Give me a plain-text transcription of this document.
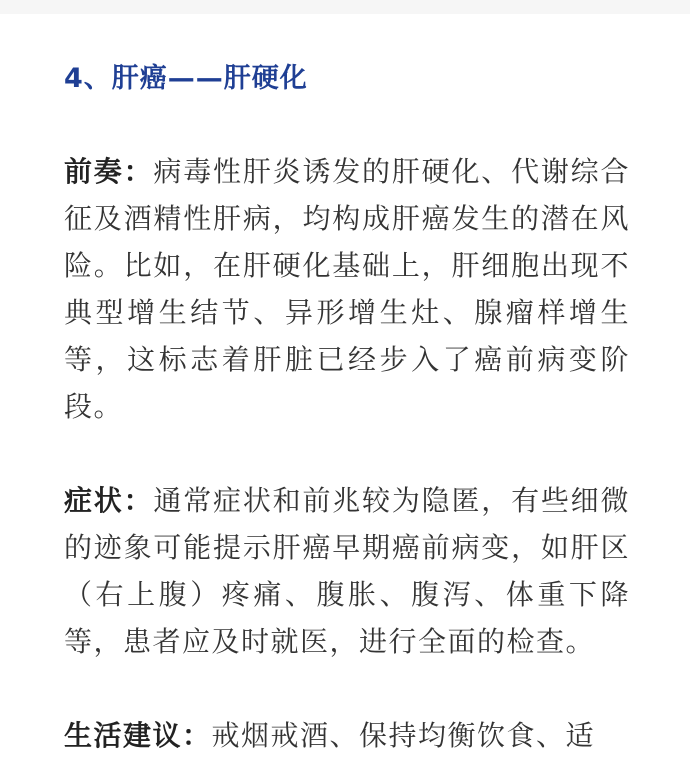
4、肝癌——肝硬化

前奏：病毒性肝炎诱发的肝硬化、代谢综合征及酒精性肝病，均构成肝癌发生的潜在风险。比如，在肝硬化基础上，肝细胞出现不典型增生结节、异形增生灶、腺瘤样增生等，这标志着肝脏已经步入了癌前病变阶段。

症状：通常症状和前兆较为隐匿，有些细微的迹象可能提示肝癌早期癌前病变，如肝区（右上腹）疼痛、腹胀、腹泻、体重下降等，患者应及时就医，进行全面的检查。

生活建议：戒烟戒酒、保持均衡饮食、适
